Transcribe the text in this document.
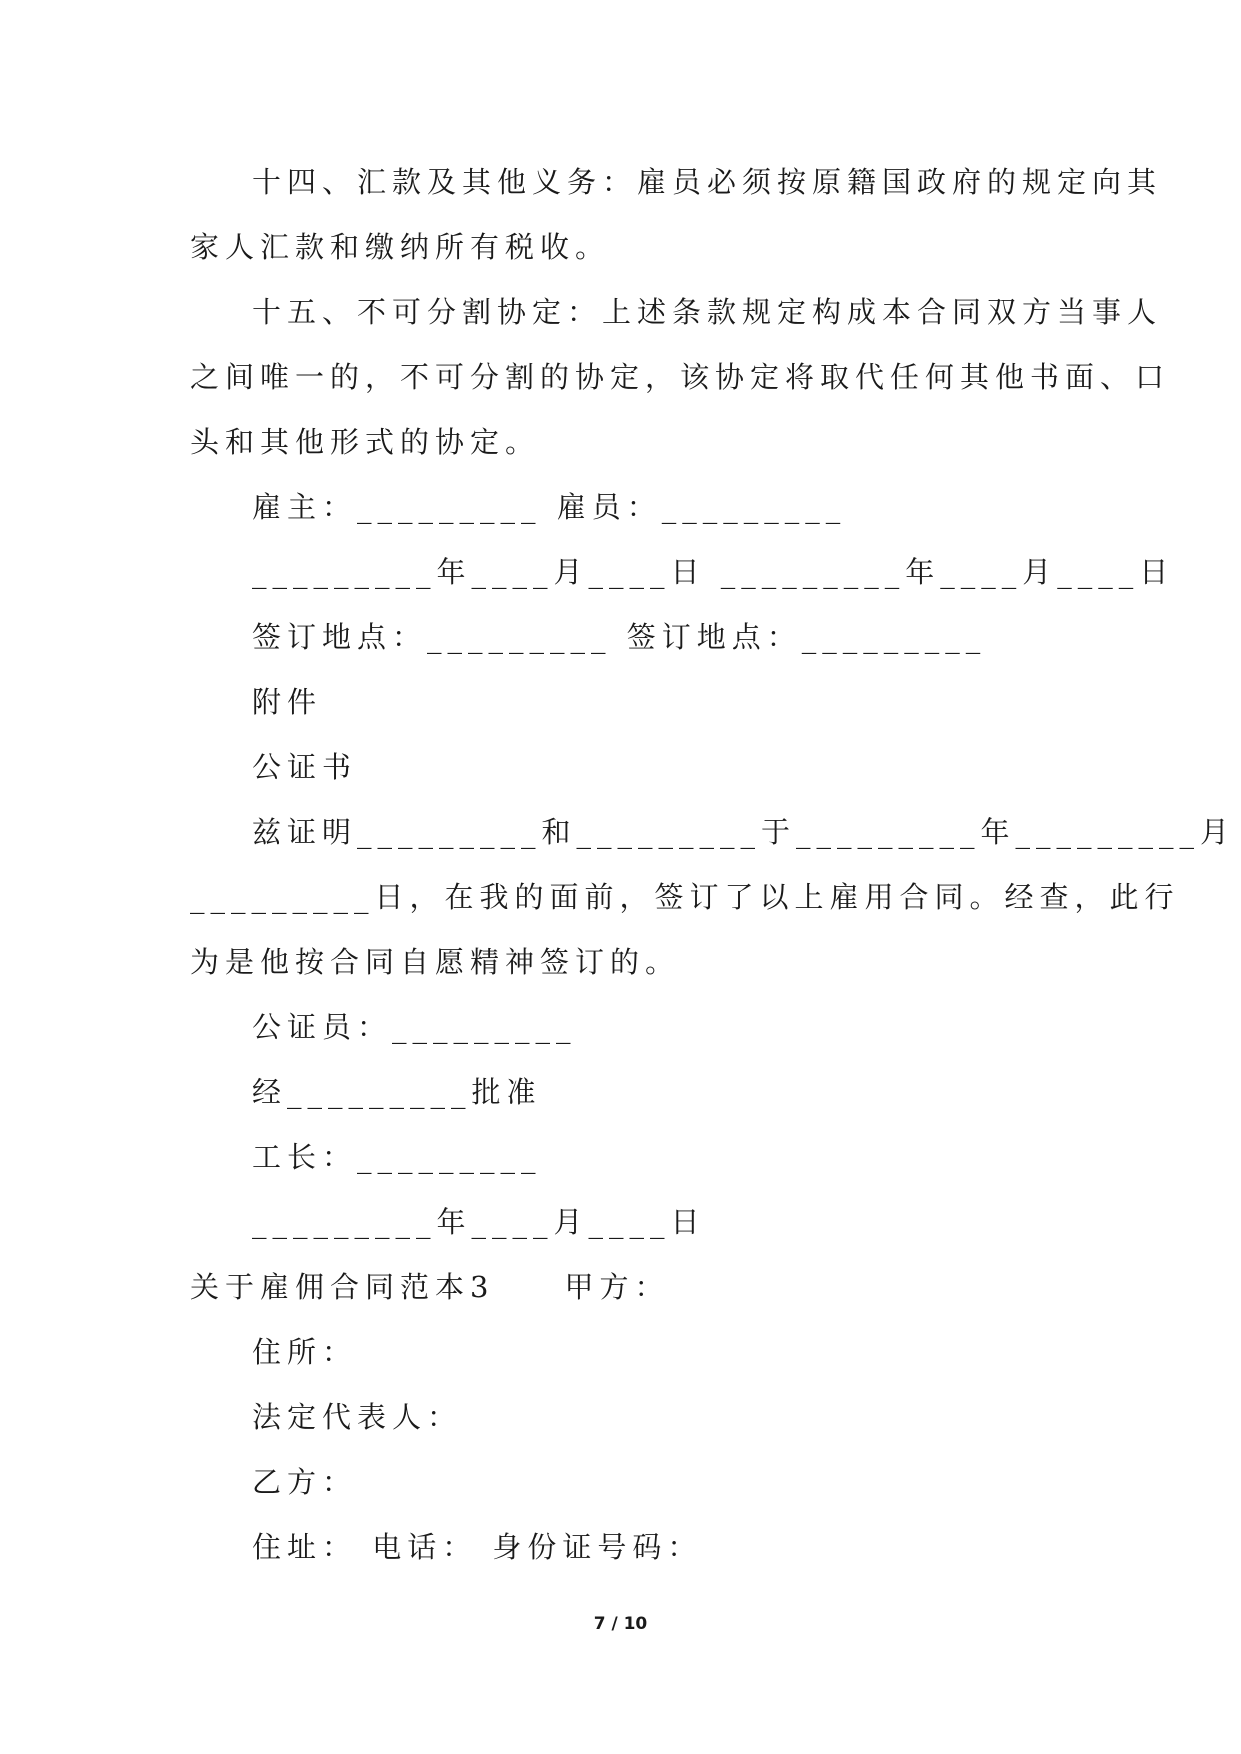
十四、汇款及其他义务：雇员必须按原籍国政府的规定向其
家人汇款和缴纳所有税收。
十五、不可分割协定：上述条款规定构成本合同双方当事人
之间唯一的，不可分割的协定，该协定将取代任何其他书面、口
头和其他形式的协定。
雇主：_________ 雇员：_________
_________年____月____日 _________年____月____日
签订地点：_________ 签订地点：_________
附件
公证书
兹证明_________和_________于_________年_________月
_________日，在我的面前，签订了以上雇用合同。经查，此行
为是他按合同自愿精神签订的。
公证员：_________
经_________批准
工长：_________
_________年____月____日
关于雇佣合同范本3　　甲方：
住所：
法定代表人：
乙方：
住址： 电话： 身份证号码：
7 / 10
